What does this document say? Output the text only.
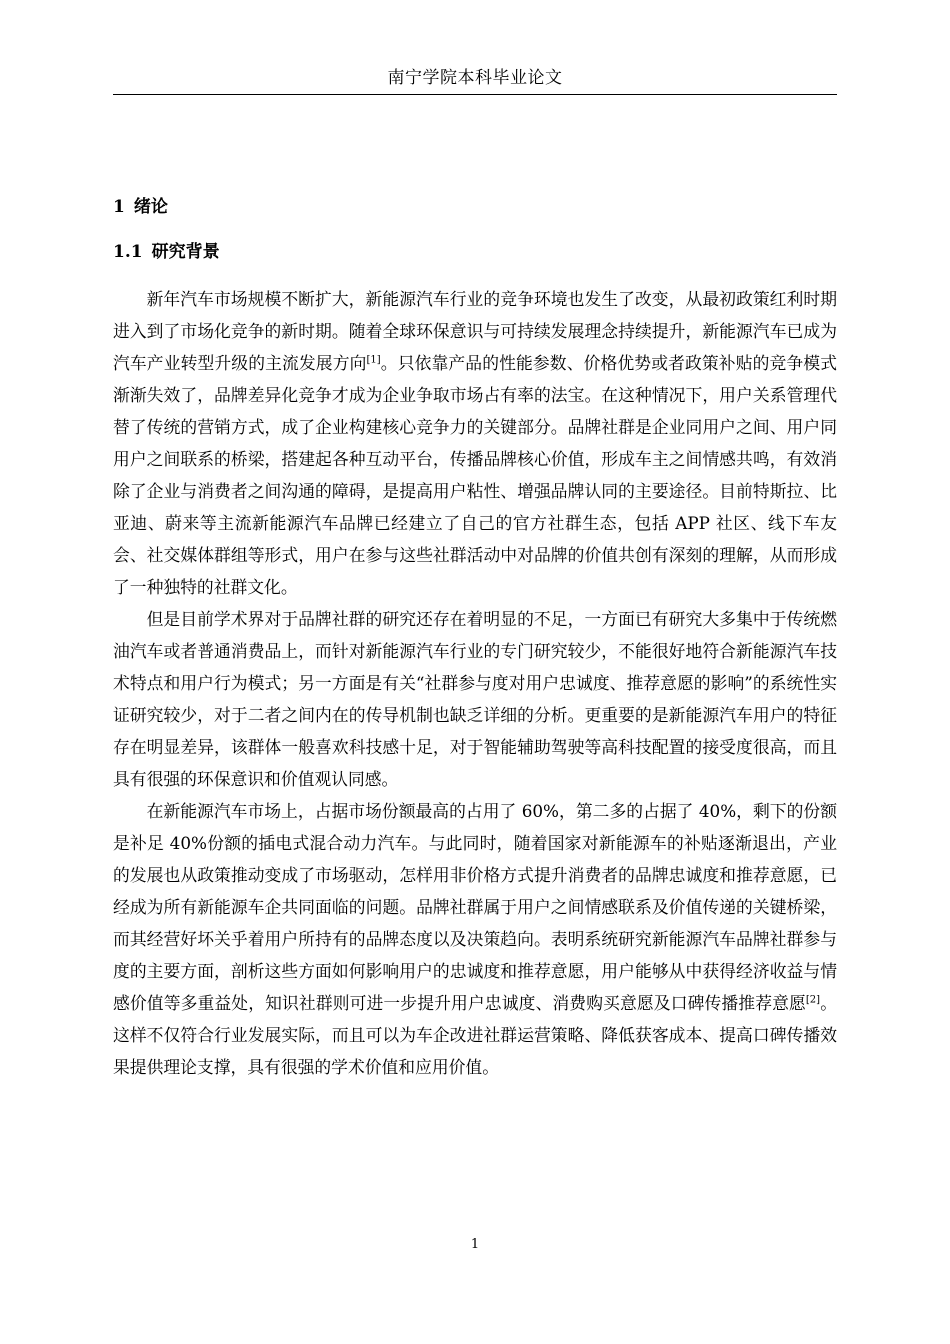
南宁学院本科毕业论文
1 绪论
1.1 研究背景

新年汽车市场规模不断扩大，新能源汽车行业的竞争环境也发生了改变，从最初政策红利时期进入到了市场化竞争的新时期。随着全球环保意识与可持续发展理念持续提升，新能源汽车已成为汽车产业转型升级的主流发展方向[1]。只依靠产品的性能参数、价格优势或者政策补贴的竞争模式渐渐失效了，品牌差异化竞争才成为企业争取市场占有率的法宝。在这种情况下，用户关系管理代替了传统的营销方式，成了企业构建核心竞争力的关键部分。品牌社群是企业同用户之间、用户同用户之间联系的桥梁，搭建起各种互动平台，传播品牌核心价值，形成车主之间情感共鸣，有效消除了企业与消费者之间沟通的障碍，是提高用户粘性、增强品牌认同的主要途径。目前特斯拉、比亚迪、蔚来等主流新能源汽车品牌已经建立了自己的官方社群生态，包括 APP 社区、线下车友会、社交媒体群组等形式，用户在参与这些社群活动中对品牌的价值共创有深刻的理解，从而形成了一种独特的社群文化。

但是目前学术界对于品牌社群的研究还存在着明显的不足，一方面已有研究大多集中于传统燃油汽车或者普通消费品上，而针对新能源汽车行业的专门研究较少，不能很好地符合新能源汽车技术特点和用户行为模式；另一方面是有关“社群参与度对用户忠诚度、推荐意愿的影响”的系统性实证研究较少，对于二者之间内在的传导机制也缺乏详细的分析。更重要的是新能源汽车用户的特征存在明显差异，该群体一般喜欢科技感十足，对于智能辅助驾驶等高科技配置的接受度很高，而且具有很强的环保意识和价值观认同感。

在新能源汽车市场上，占据市场份额最高的占用了 60%，第二多的占据了 40%，剩下的份额是补足 40%份额的插电式混合动力汽车。与此同时，随着国家对新能源车的补贴逐渐退出，产业的发展也从政策推动变成了市场驱动，怎样用非价格方式提升消费者的品牌忠诚度和推荐意愿，已经成为所有新能源车企共同面临的问题。品牌社群属于用户之间情感联系及价值传递的关键桥梁，而其经营好坏关乎着用户所持有的品牌态度以及决策趋向。表明系统研究新能源汽车品牌社群参与度的主要方面，剖析这些方面如何影响用户的忠诚度和推荐意愿，用户能够从中获得经济收益与情感价值等多重益处，知识社群则可进一步提升用户忠诚度、消费购买意愿及口碑传播推荐意愿[2]。这样不仅符合行业发展实际，而且可以为车企改进社群运营策略、降低获客成本、提高口碑传播效果提供理论支撑，具有很强的学术价值和应用价值。

1
